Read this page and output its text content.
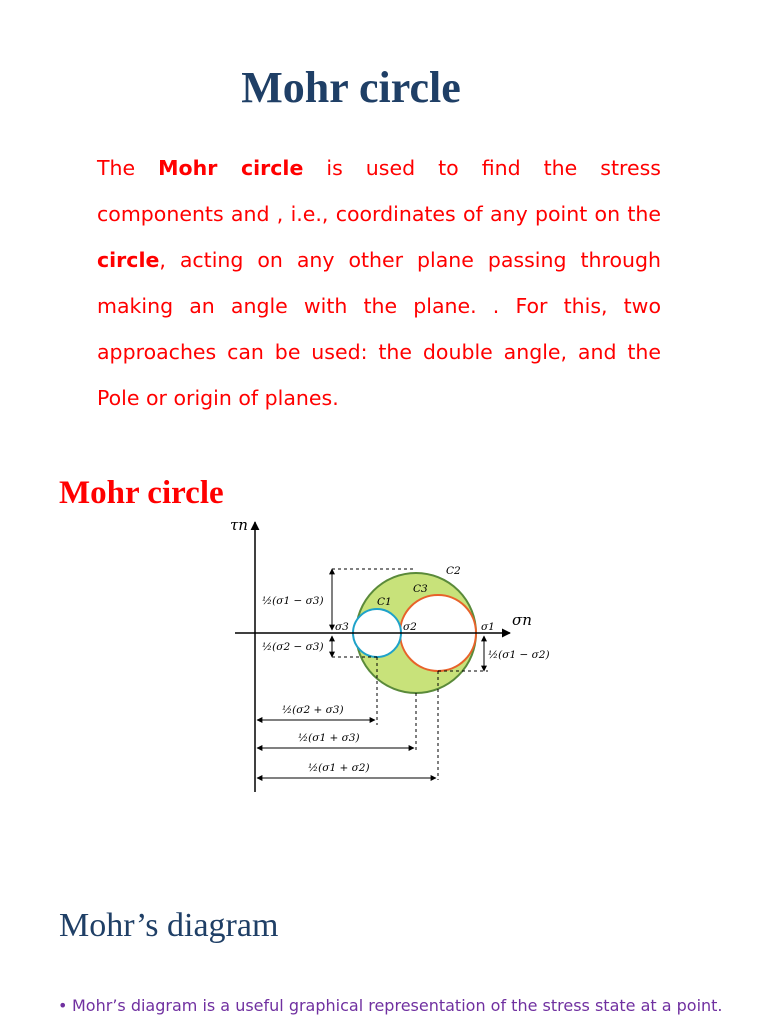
Mohr circle

The Mohr circle is used to find the stress components and , i.e., coordinates of any point on the circle, acting on any other plane passing through making an angle with the plane. . For this, two approaches can be used: the double angle, and the Pole or origin of planes.

Mohr circle
τn
σn
C2
C3
C1
σ3	σ2	σ1
½(σ1 − σ3)
½(σ2 − σ3)
½(σ1 − σ2)
½(σ2 + σ3)
½(σ1 + σ3)
½(σ1 + σ2)
Mohr’s diagram
• Mohr’s diagram is a useful graphical representation of the stress state at a point.
